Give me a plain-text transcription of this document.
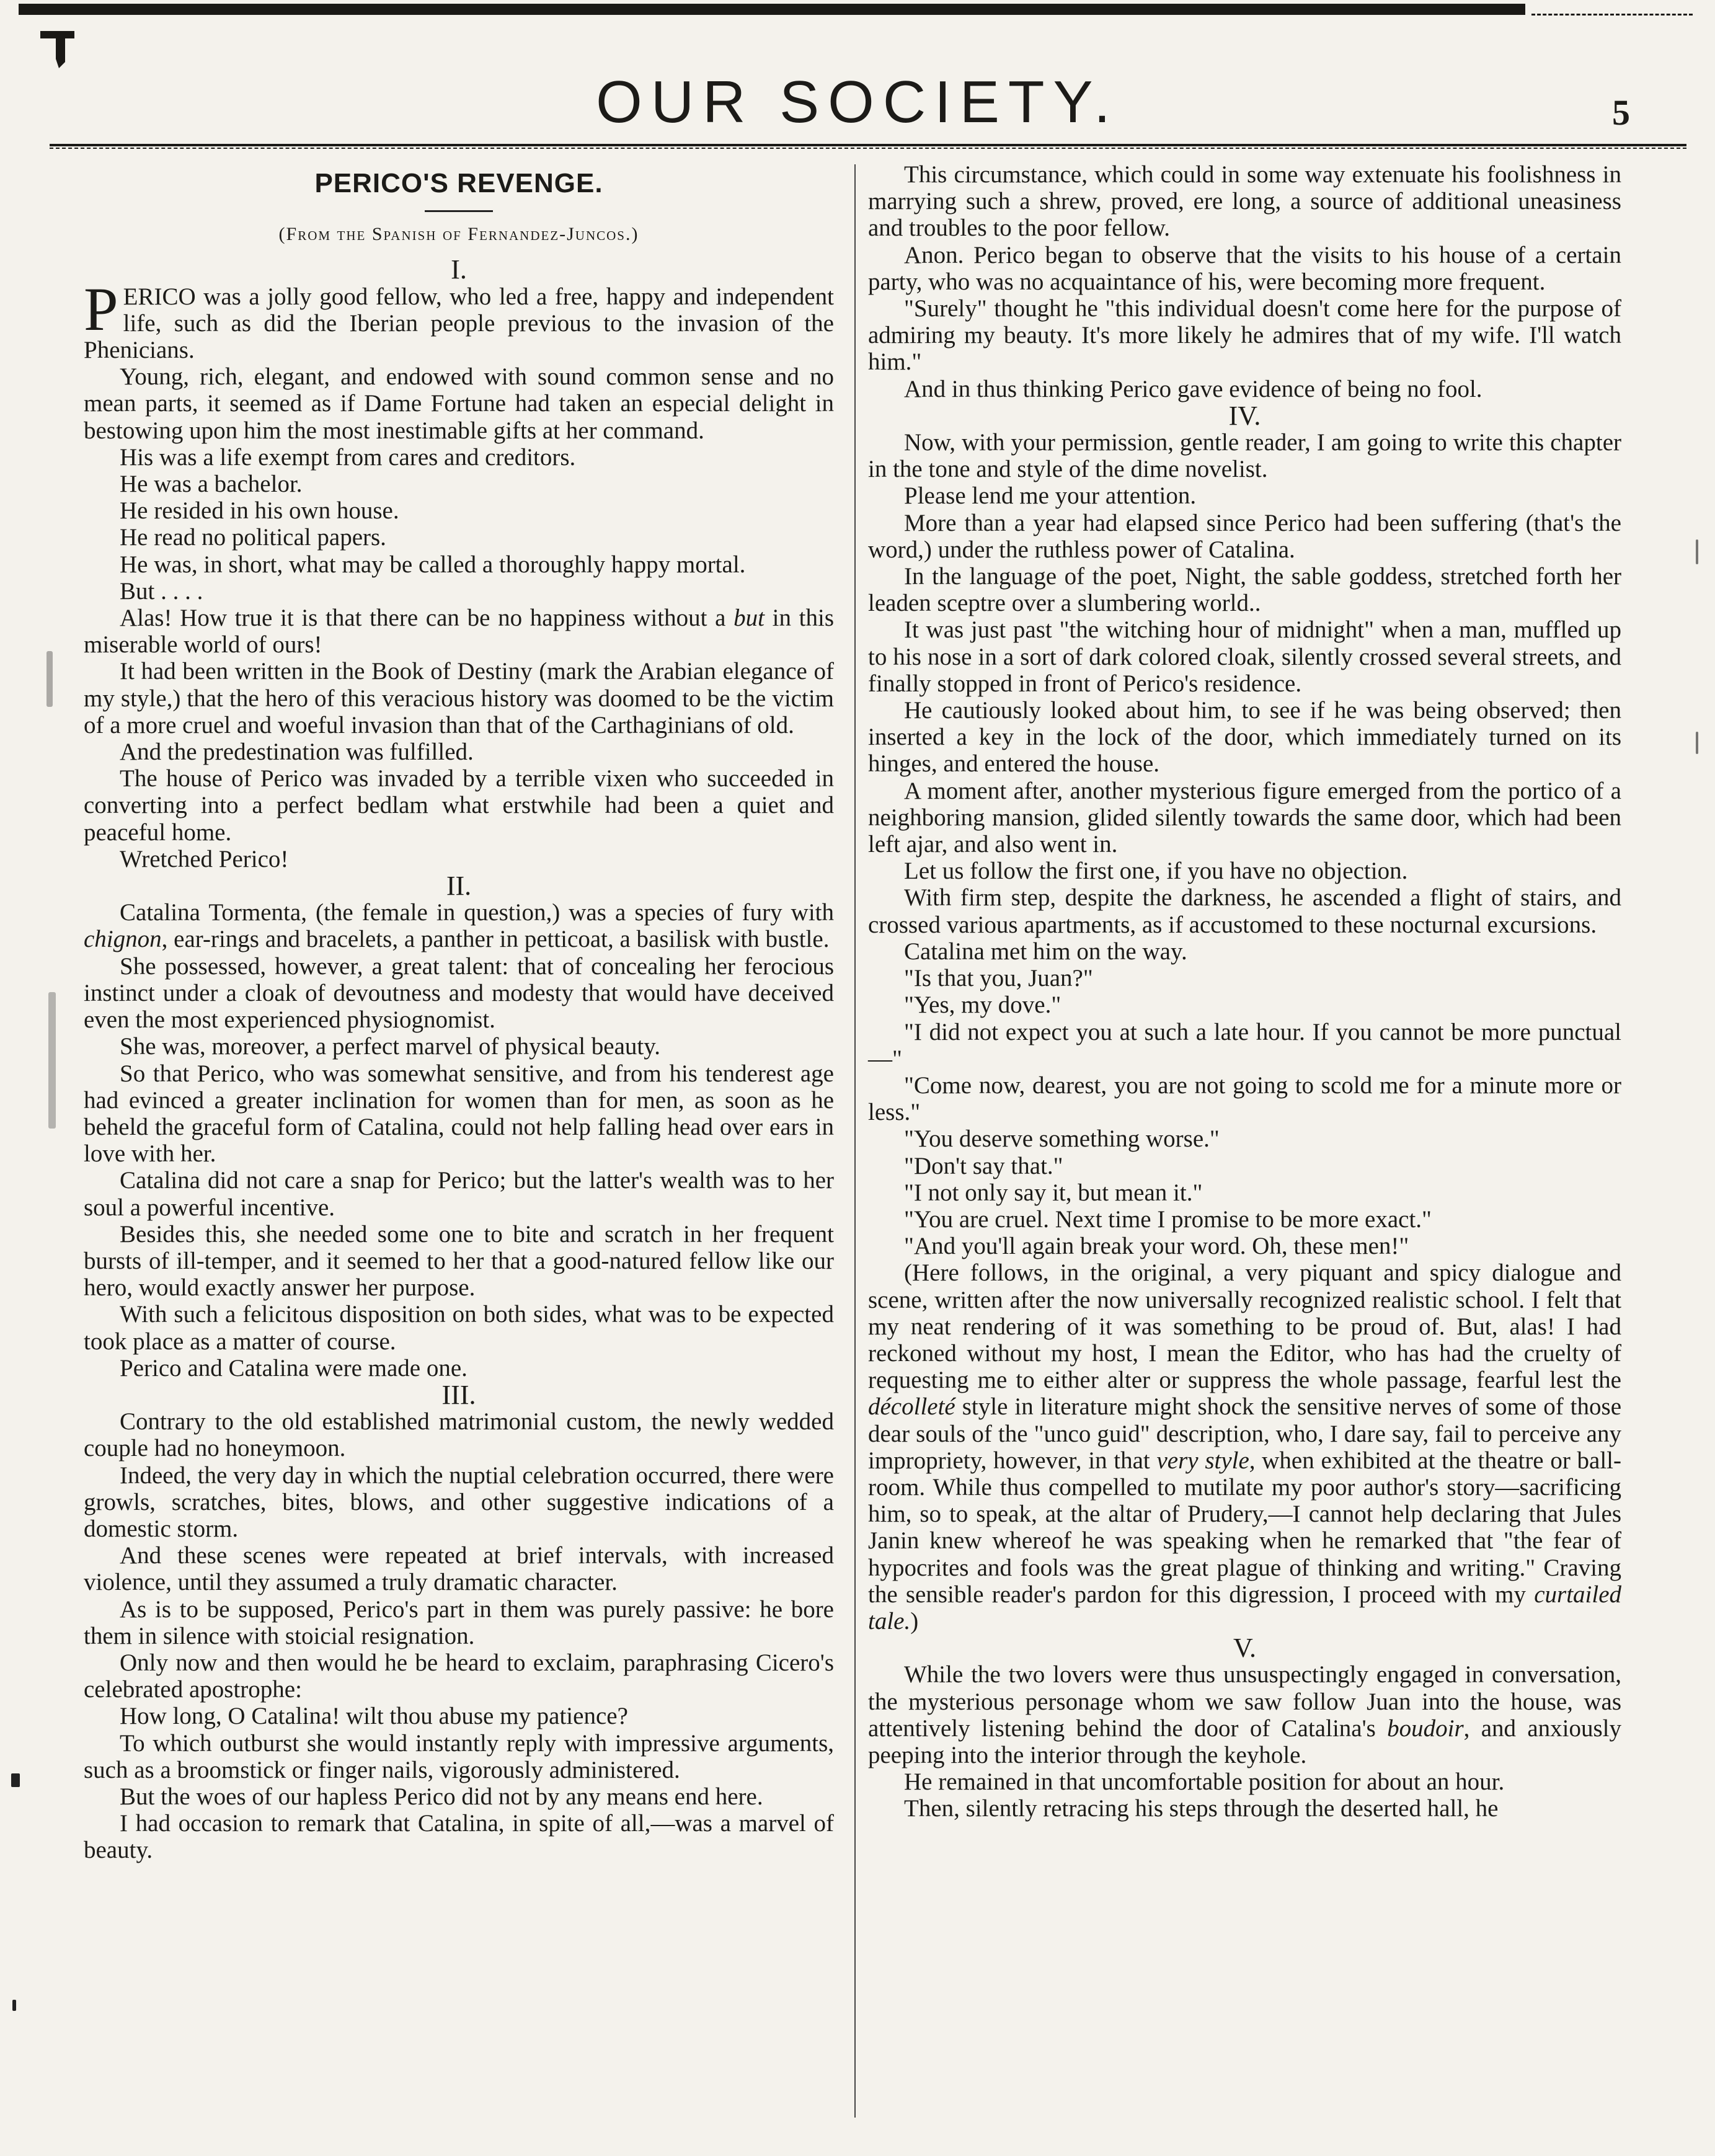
OUR SOCIETY.	5
PERICO'S REVENGE.
(From the Spanish of Fernandez-Juncos.)

I.

PERICO was a jolly good fellow, who led a free, happy and independent life, such as did the Iberian people previous to the invasion of the Phenicians.

Young, rich, elegant, and endowed with sound common sense and no mean parts, it seemed as if Dame Fortune had taken an especial delight in bestowing upon him the most inestimable gifts at her command.

His was a life exempt from cares and creditors.

He was a bachelor.

He resided in his own house.

He read no political papers.

He was, in short, what may be called a thoroughly happy mortal.

But . . . .

Alas! How true it is that there can be no happiness without a but in this miserable world of ours!

It had been written in the Book of Destiny (mark the Arabian elegance of my style,) that the hero of this veracious history was doomed to be the victim of a more cruel and woeful invasion than that of the Carthaginians of old.

And the predestination was fulfilled.

The house of Perico was invaded by a terrible vixen who succeeded in converting into a perfect bedlam what erstwhile had been a quiet and peaceful home.

Wretched Perico!

II.

Catalina Tormenta, (the female in question,) was a species of fury with chignon, ear-rings and bracelets, a panther in petticoat, a basilisk with bustle.

She possessed, however, a great talent: that of concealing her ferocious instinct under a cloak of devoutness and modesty that would have deceived even the most experienced physiognomist.

She was, moreover, a perfect marvel of physical beauty.

So that Perico, who was somewhat sensitive, and from his tenderest age had evinced a greater inclination for women than for men, as soon as he beheld the graceful form of Catalina, could not help falling head over ears in love with her.

Catalina did not care a snap for Perico; but the latter's wealth was to her soul a powerful incentive.

Besides this, she needed some one to bite and scratch in her frequent bursts of ill-temper, and it seemed to her that a good-natured fellow like our hero, would exactly answer her purpose.

With such a felicitous disposition on both sides, what was to be expected took place as a matter of course.

Perico and Catalina were made one.

III.

Contrary to the old established matrimonial custom, the newly wedded couple had no honeymoon.

Indeed, the very day in which the nuptial celebration occurred, there were growls, scratches, bites, blows, and other suggestive indications of a domestic storm.

And these scenes were repeated at brief intervals, with increased violence, until they assumed a truly dramatic character.

As is to be supposed, Perico's part in them was purely passive: he bore them in silence with stoicial resignation.

Only now and then would he be heard to exclaim, paraphrasing Cicero's celebrated apostrophe:

How long, O Catalina! wilt thou abuse my patience?

To which outburst she would instantly reply with impressive arguments, such as a broomstick or finger nails, vigorously administered.

But the woes of our hapless Perico did not by any means end here.

I had occasion to remark that Catalina, in spite of all,—was a marvel of beauty.

This circumstance, which could in some way extenuate his foolishness in marrying such a shrew, proved, ere long, a source of additional uneasiness and troubles to the poor fellow.

Anon. Perico began to observe that the visits to his house of a certain party, who was no acquaintance of his, were becoming more frequent.

"Surely" thought he "this individual doesn't come here for the purpose of admiring my beauty. It's more likely he admires that of my wife. I'll watch him."

And in thus thinking Perico gave evidence of being no fool.

IV.

Now, with your permission, gentle reader, I am going to write this chapter in the tone and style of the dime novelist.

Please lend me your attention.

More than a year had elapsed since Perico had been suffering (that's the word,) under the ruthless power of Catalina.

In the language of the poet, Night, the sable goddess, stretched forth her leaden sceptre over a slumbering world..

It was just past "the witching hour of midnight" when a man, muffled up to his nose in a sort of dark colored cloak, silently crossed several streets, and finally stopped in front of Perico's residence.

He cautiously looked about him, to see if he was being observed; then inserted a key in the lock of the door, which immediately turned on its hinges, and entered the house.

A moment after, another mysterious figure emerged from the portico of a neighboring mansion, glided silently towards the same door, which had been left ajar, and also went in.

Let us follow the first one, if you have no objection.

With firm step, despite the darkness, he ascended a flight of stairs, and crossed various apartments, as if accustomed to these nocturnal excursions.

Catalina met him on the way.

"Is that you, Juan?"

"Yes, my dove."

"I did not expect you at such a late hour. If you cannot be more punctual—"

"Come now, dearest, you are not going to scold me for a minute more or less."

"You deserve something worse."

"Don't say that."

"I not only say it, but mean it."

"You are cruel. Next time I promise to be more exact."

"And you'll again break your word. Oh, these men!"

(Here follows, in the original, a very piquant and spicy dialogue and scene, written after the now universally recognized realistic school. I felt that my neat rendering of it was something to be proud of. But, alas! I had reckoned without my host, I mean the Editor, who has had the cruelty of requesting me to either alter or suppress the whole passage, fearful lest the décolleté style in literature might shock the sensitive nerves of some of those dear souls of the "unco guid" description, who, I dare say, fail to perceive any impropriety, however, in that very style, when exhibited at the theatre or ball-room. While thus compelled to mutilate my poor author's story—sacrificing him, so to speak, at the altar of Prudery,—I cannot help declaring that Jules Janin knew whereof he was speaking when he remarked that "the fear of hypocrites and fools was the great plague of thinking and writing." Craving the sensible reader's pardon for this digression, I proceed with my curtailed tale.)

V.

While the two lovers were thus unsuspectingly engaged in conversation, the mysterious personage whom we saw follow Juan into the house, was attentively listening behind the door of Catalina's boudoir, and anxiously peeping into the interior through the keyhole.

He remained in that uncomfortable position for about an hour.

Then, silently retracing his steps through the deserted hall, he
